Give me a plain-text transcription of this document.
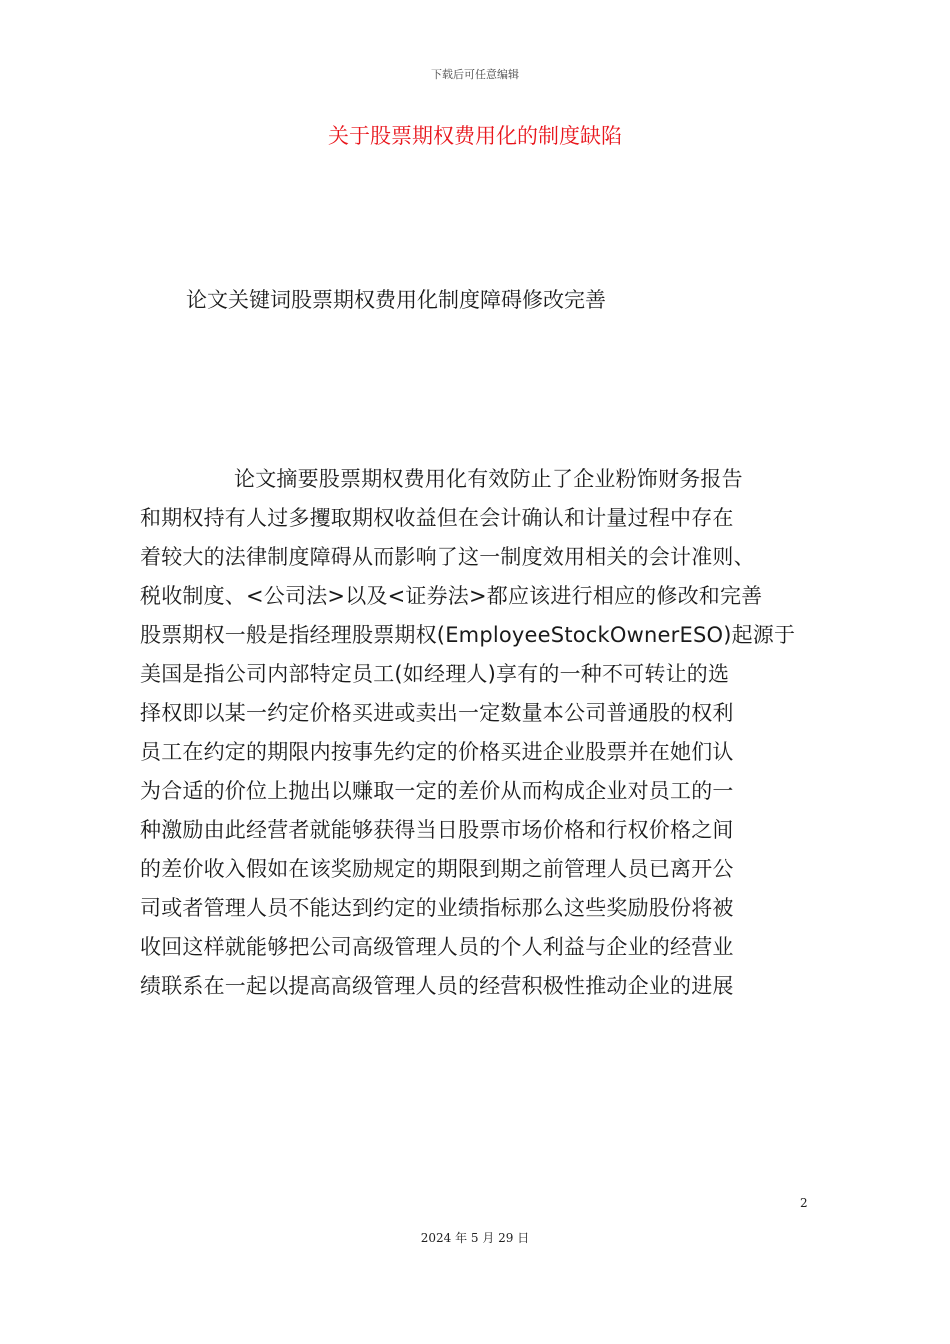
下载后可任意编辑
关于股票期权费用化的制度缺陷
论文关键词股票期权费用化制度障碍修改完善
论文摘要股票期权费用化有效防止了企业粉饰财务报告
和期权持有人过多攫取期权收益但在会计确认和计量过程中存在
着较大的法律制度障碍从而影响了这一制度效用相关的会计准则、
税收制度、<公司法>以及<证券法>都应该进行相应的修改和完善
股票期权一般是指经理股票期权(EmployeeStockOwnerESO)起源于
美国是指公司内部特定员工(如经理人)享有的一种不可转让的选
择权即以某一约定价格买进或卖出一定数量本公司普通股的权利
员工在约定的期限内按事先约定的价格买进企业股票并在她们认
为合适的价位上抛出以赚取一定的差价从而构成企业对员工的一
种激励由此经营者就能够获得当日股票市场价格和行权价格之间
的差价收入假如在该奖励规定的期限到期之前管理人员已离开公
司或者管理人员不能达到约定的业绩指标那么这些奖励股份将被
收回这样就能够把公司高级管理人员的个人利益与企业的经营业
绩联系在一起以提高高级管理人员的经营积极性推动企业的进展
2
2024 年 5 月 29 日
